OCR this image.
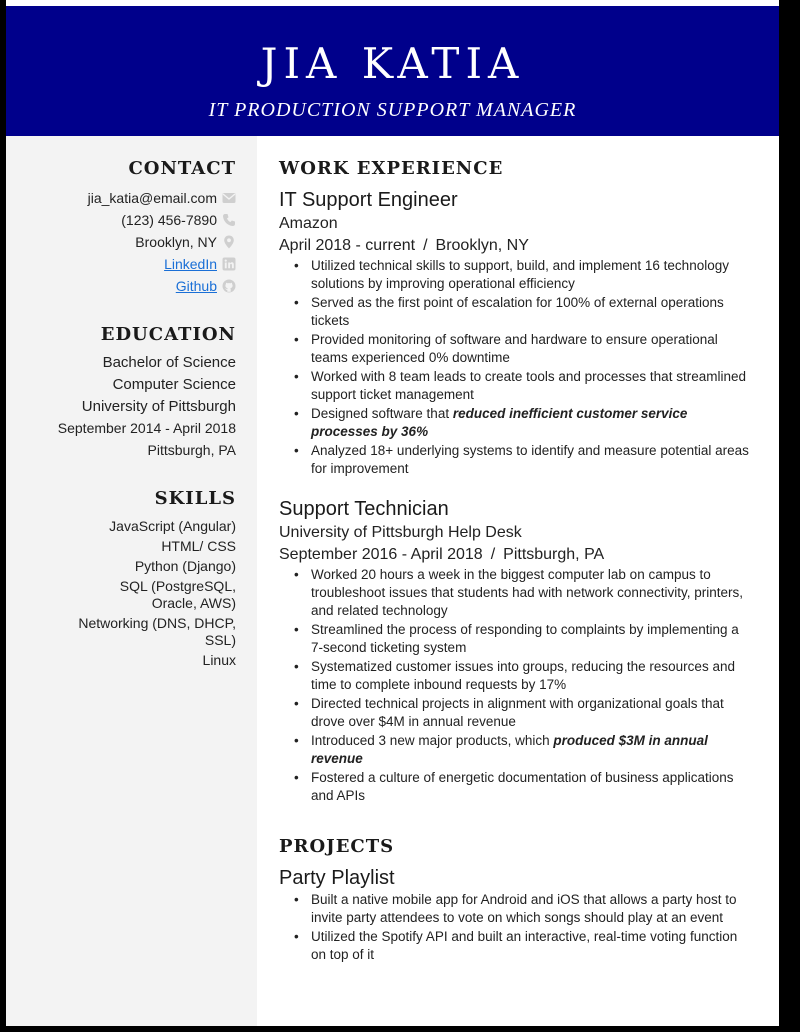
JIA KATIA
IT PRODUCTION SUPPORT MANAGER
CONTACT
jia_katia@email.com
(123) 456-7890
Brooklyn, NY
LinkedIn
Github
EDUCATION
Bachelor of Science
Computer Science
University of Pittsburgh
September 2014 - April 2018
Pittsburgh, PA
SKILLS
JavaScript (Angular)
HTML/ CSS
Python (Django)
SQL (PostgreSQL, Oracle, AWS)
Networking (DNS, DHCP, SSL)
Linux
WORK EXPERIENCE
IT Support Engineer
Amazon
April 2018 - current / Brooklyn, NY
• Utilized technical skills to support, build, and implement 16 technology solutions by improving operational efficiency
• Served as the first point of escalation for 100% of external operations tickets
• Provided monitoring of software and hardware to ensure operational teams experienced 0% downtime
• Worked with 8 team leads to create tools and processes that streamlined support ticket management
• Designed software that reduced inefficient customer service processes by 36%
• Analyzed 18+ underlying systems to identify and measure potential areas for improvement
Support Technician
University of Pittsburgh Help Desk
September 2016 - April 2018 / Pittsburgh, PA
• Worked 20 hours a week in the biggest computer lab on campus to troubleshoot issues that students had with network connectivity, printers, and related technology
• Streamlined the process of responding to complaints by implementing a 7-second ticketing system
• Systematized customer issues into groups, reducing the resources and time to complete inbound requests by 17%
• Directed technical projects in alignment with organizational goals that drove over $4M in annual revenue
• Introduced 3 new major products, which produced $3M in annual revenue
• Fostered a culture of energetic documentation of business applications and APIs
PROJECTS
Party Playlist
• Built a native mobile app for Android and iOS that allows a party host to invite party attendees to vote on which songs should play at an event
• Utilized the Spotify API and built an interactive, real-time voting function on top of it
